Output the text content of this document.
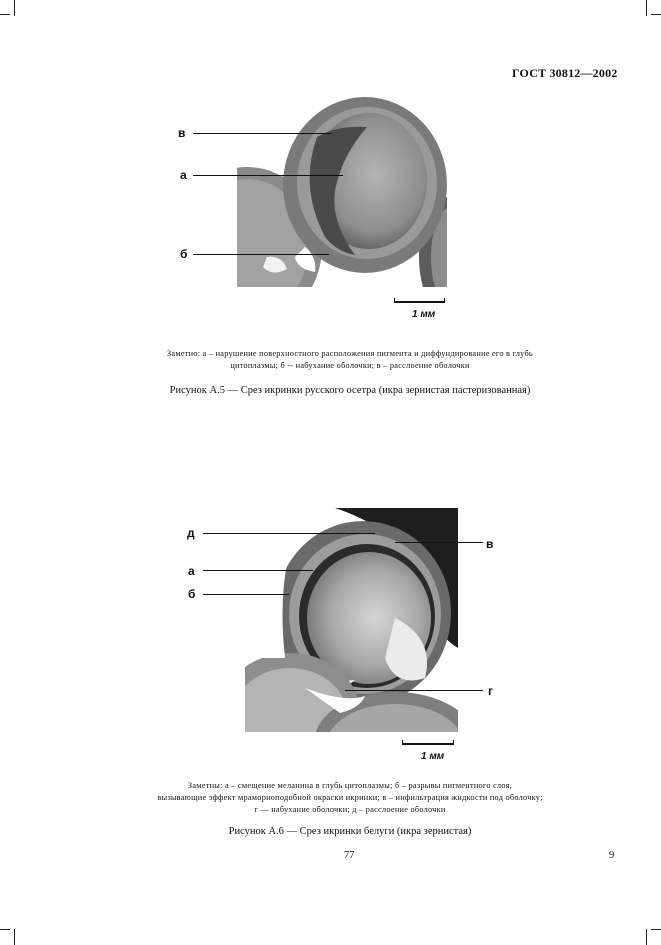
ГОСТ 30812—2002
в
а
б
1 мм
Заметно: а – нарушение поверхностного расположения пигмента и диффундирование его в глубь
цитоплазмы; б -- набухание оболочки; в – расслоение оболочки
Рисунок А.5 — Срез икринки русского осетра (икра зернистая пастеризованная)
д
в
а
б
г
1 мм
Заметны: а – смещение меланина в глубь цитоплазмы; б – разрывы пигментного слоя,
вызывающие эффект мраморноподобной окраски икринки; в – инфильтрация жидкости под оболочку;
г — набухание оболочки; д – расслоение оболочки
Рисунок А.6 — Срез икринки белуги (икра зернистая)
77	9
